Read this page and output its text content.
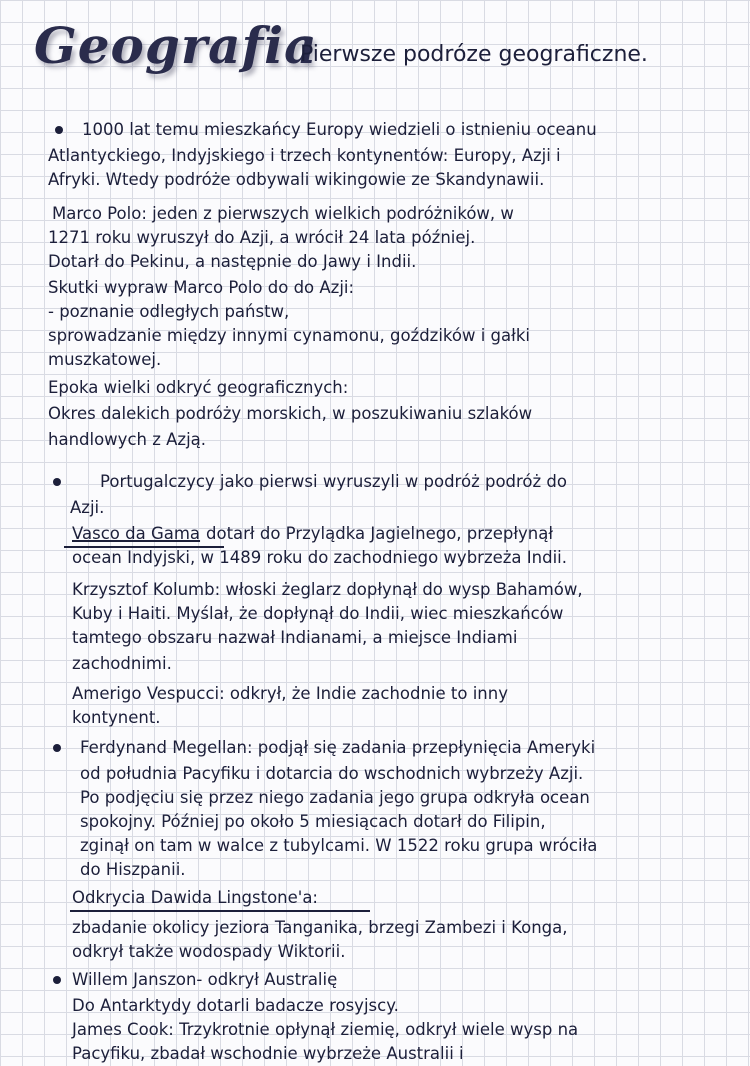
Geografia
Pierwsze podróze geograficzne.
1000 lat temu mieszkańcy Europy wiedzieli o istnieniu oceanu
Atlantyckiego, Indyjskiego i trzech kontynentów: Europy, Azji i
Afryki. Wtedy podróże odbywali wikingowie ze Skandynawii.
Marco Polo: jeden z pierwszych wielkich podróżników, w
1271 roku wyruszył do Azji, a wrócił 24 lata później.
Dotarł do Pekinu, a następnie do Jawy i Indii.
Skutki wypraw Marco Polo do do Azji:
- poznanie odległych państw,
sprowadzanie między innymi cynamonu, goździków i gałki
muszkatowej.
Epoka wielki odkryć geograficznych:
Okres dalekich podróży morskich, w poszukiwaniu szlaków
handlowych z Azją.
Portugalczycy jako pierwsi wyruszyli w podróż podróż do
Azji.
Vasco da Gama dotarł do Przylądka Jagielnego, przepłynął
ocean Indyjski, w 1489 roku do zachodniego wybrzeża Indii.
Krzysztof Kolumb: włoski żeglarz dopłynął do wysp Bahamów,
Kuby i Haiti. Myślał, że dopłynął do Indii, wiec mieszkańców
tamtego obszaru nazwał Indianami, a miejsce Indiami
zachodnimi.
Amerigo Vespucci: odkrył, że Indie zachodnie to inny
kontynent.
Ferdynand Megellan: podjął się zadania przepłynięcia Ameryki
od południa Pacyfiku i dotarcia do wschodnich wybrzeży Azji.
Po podjęciu się przez niego zadania jego grupa odkryła ocean
spokojny. Później po około 5 miesiącach dotarł do Filipin,
zginął on tam w walce z tubylcami. W 1522 roku grupa wróciła
do Hiszpanii.
Odkrycia Dawida Lingstone'a:
zbadanie okolicy jeziora Tanganika, brzegi Zambezi i Konga,
odkrył także wodospady Wiktorii.
Willem Janszon- odkrył Australię
Do Antarktydy dotarli badacze rosyjscy.
James Cook: Trzykrotnie opłynął ziemię, odkrył wiele wysp na
Pacyfiku, zbadał wschodnie wybrzeże Australii i
